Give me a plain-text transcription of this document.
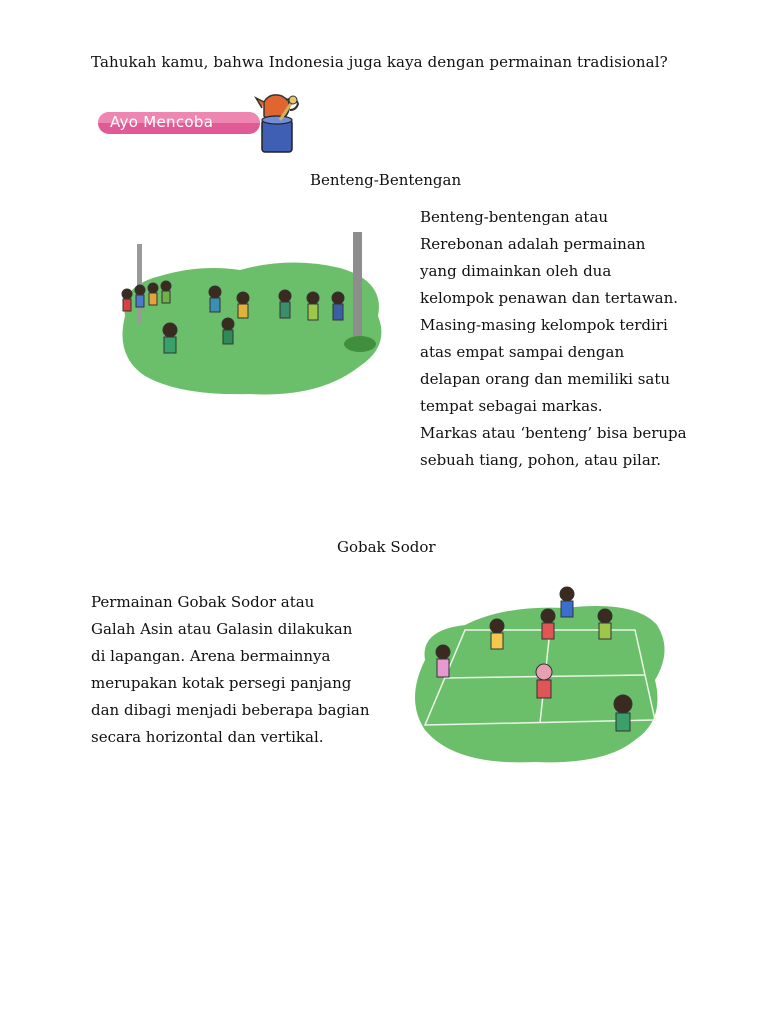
Tahukah kamu, bahwa Indonesia juga kaya dengan permainan tradisional?
Ayo Mencoba
Benteng-Bentengan
Benteng-bentengan atau
Rerebonan adalah permainan
yang dimainkan oleh dua
kelompok penawan dan tertawan.
Masing-masing kelompok terdiri
atas empat sampai dengan
delapan orang dan memiliki satu
tempat sebagai markas.
Markas atau ‘benteng’ bisa berupa
sebuah tiang, pohon, atau pilar.
Gobak Sodor
Permainan Gobak Sodor atau
Galah Asin atau Galasin dilakukan
di lapangan. Arena bermainnya
merupakan kotak persegi panjang
dan dibagi menjadi beberapa bagian
secara horizontal dan vertikal.
